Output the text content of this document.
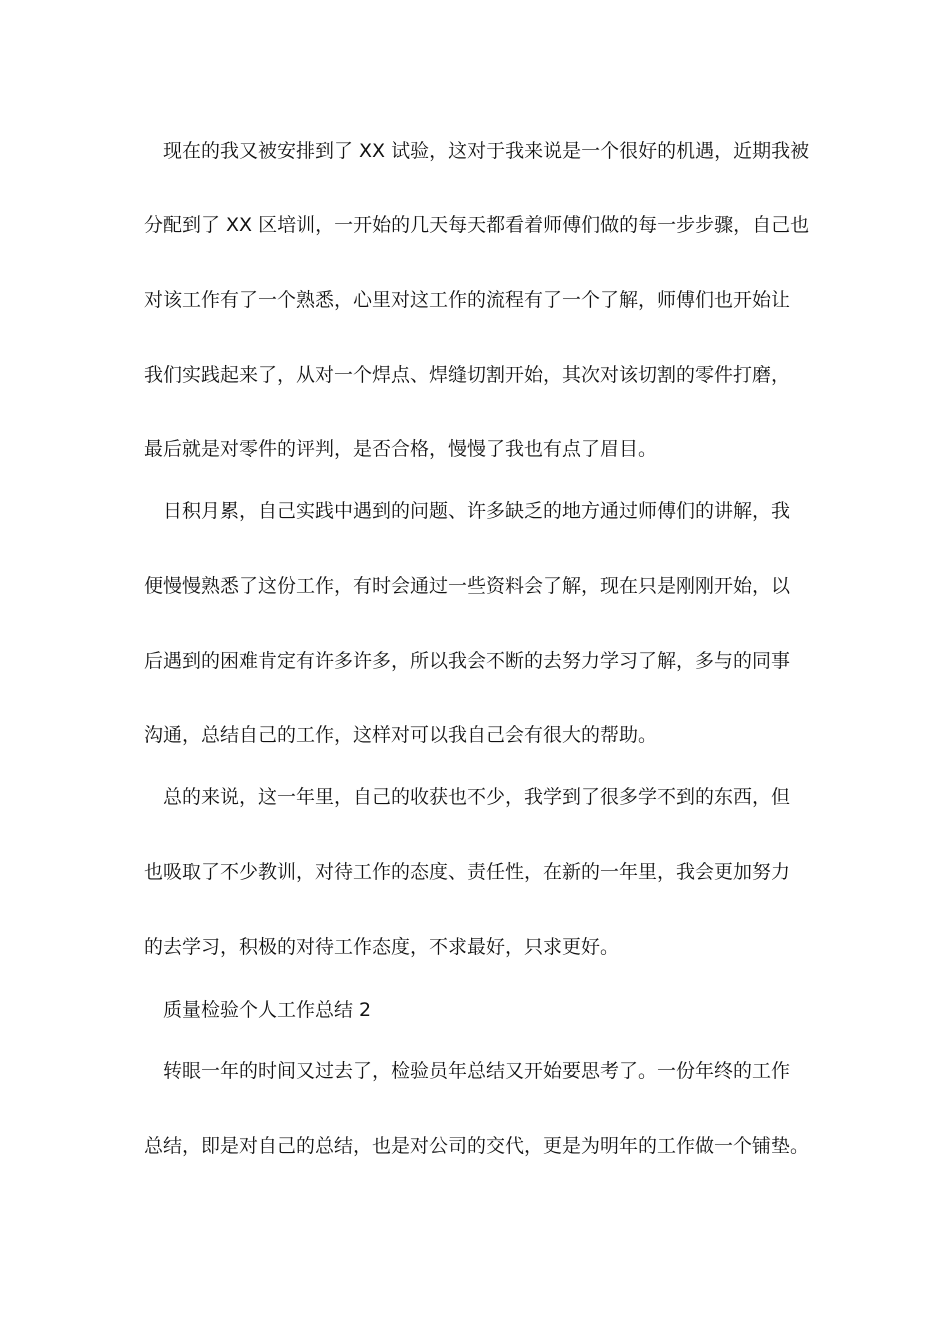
现在的我又被安排到了 XX 试验，这对于我来说是一个很好的机遇，近期我被

分配到了 XX 区培训，一开始的几天每天都看着师傅们做的每一步步骤，自己也

对该工作有了一个熟悉，心里对这工作的流程有了一个了解，师傅们也开始让

我们实践起来了，从对一个焊点、焊缝切割开始，其次对该切割的零件打磨，

最后就是对零件的评判，是否合格，慢慢了我也有点了眉目。

日积月累，自己实践中遇到的问题、许多缺乏的地方通过师傅们的讲解，我

便慢慢熟悉了这份工作，有时会通过一些资料会了解，现在只是刚刚开始，以

后遇到的困难肯定有许多许多，所以我会不断的去努力学习了解，多与的同事

沟通，总结自己的工作，这样对可以我自己会有很大的帮助。

总的来说，这一年里，自己的收获也不少，我学到了很多学不到的东西，但

也吸取了不少教训，对待工作的态度、责任性，在新的一年里，我会更加努力

的去学习，积极的对待工作态度，不求最好，只求更好。

质量检验个人工作总结 2

转眼一年的时间又过去了，检验员年总结又开始要思考了。一份年终的工作

总结，即是对自己的总结，也是对公司的交代，更是为明年的工作做一个铺垫。
